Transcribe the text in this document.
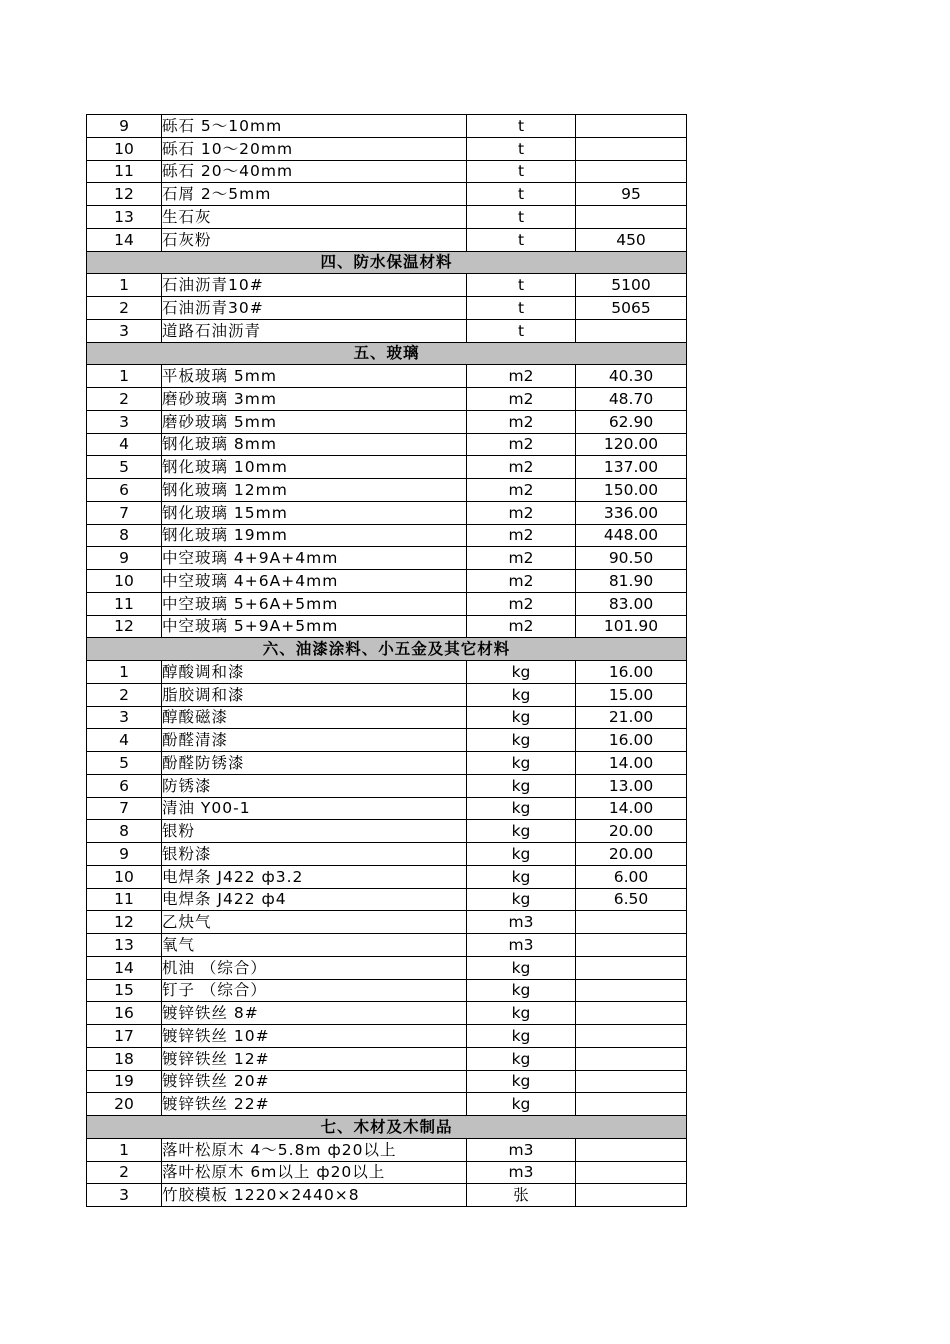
9	砾石 5～10mm	t	
10	砾石 10～20mm	t	
11	砾石 20～40mm	t	
12	石屑 2～5mm	t	95
13	生石灰	t	
14	石灰粉	t	450
四、防水保温材料			
1	石油沥青10#	t	5100
2	石油沥青30#	t	5065
3	道路石油沥青	t	
五、玻璃			
1	平板玻璃 5mm	m2	40.30
2	磨砂玻璃 3mm	m2	48.70
3	磨砂玻璃 5mm	m2	62.90
4	钢化玻璃 8mm	m2	120.00
5	钢化玻璃 10mm	m2	137.00
6	钢化玻璃 12mm	m2	150.00
7	钢化玻璃 15mm	m2	336.00
8	钢化玻璃 19mm	m2	448.00
9	中空玻璃 4+9A+4mm	m2	90.50
10	中空玻璃 4+6A+4mm	m2	81.90
11	中空玻璃 5+6A+5mm	m2	83.00
12	中空玻璃 5+9A+5mm	m2	101.90
六、油漆涂料、小五金及其它材料			
1	醇酸调和漆	kg	16.00
2	脂胶调和漆	kg	15.00
3	醇酸磁漆	kg	21.00
4	酚醛清漆	kg	16.00
5	酚醛防锈漆	kg	14.00
6	防锈漆	kg	13.00
7	清油 Y00-1	kg	14.00
8	银粉	kg	20.00
9	银粉漆	kg	20.00
10	电焊条 J422 ф3.2	kg	6.00
11	电焊条 J422 ф4	kg	6.50
12	乙炔气	m3	
13	氧气	m3	
14	机油 （综合）	kg	
15	钉子 （综合）	kg	
16	镀锌铁丝 8#	kg	
17	镀锌铁丝 10#	kg	
18	镀锌铁丝 12#	kg	
19	镀锌铁丝 20#	kg	
20	镀锌铁丝 22#	kg	
七、木材及木制品			
1	落叶松原木 4～5.8m ф20以上	m3	
2	落叶松原木 6m以上 ф20以上	m3	
3	竹胶模板 1220×2440×8	张	
